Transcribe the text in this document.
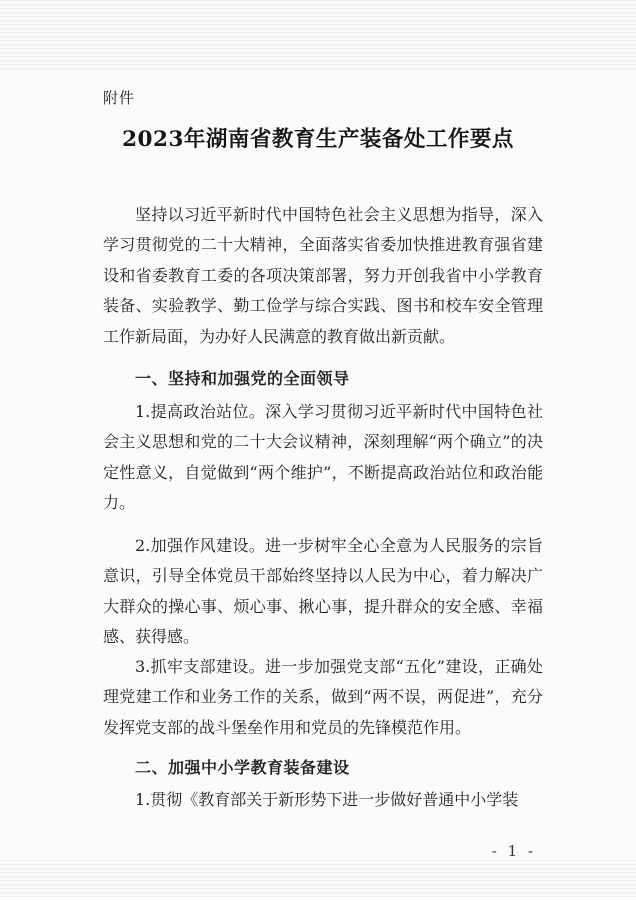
附件
2023年湖南省教育生产装备处工作要点

坚持以习近平新时代中国特色社会主义思想为指导，深入学习贯彻党的二十大精神，全面落实省委加快推进教育强省建设和省委教育工委的各项决策部署，努力开创我省中小学教育装备、实验教学、勤工俭学与综合实践、图书和校车安全管理工作新局面，为办好人民满意的教育做出新贡献。

一、坚持和加强党的全面领导

1.提高政治站位。深入学习贯彻习近平新时代中国特色社会主义思想和党的二十大会议精神，深刻理解“两个确立”的决定性意义，自觉做到“两个维护”，不断提高政治站位和政治能力。

2.加强作风建设。进一步树牢全心全意为人民服务的宗旨意识，引导全体党员干部始终坚持以人民为中心，着力解决广大群众的操心事、烦心事、揪心事，提升群众的安全感、幸福感、获得感。

3.抓牢支部建设。进一步加强党支部“五化”建设，正确处理党建工作和业务工作的关系，做到“两不误，两促进”，充分发挥党支部的战斗堡垒作用和党员的先锋模范作用。

二、加强中小学教育装备建设

1.贯彻《教育部关于新形势下进一步做好普通中小学装

- 1 -
